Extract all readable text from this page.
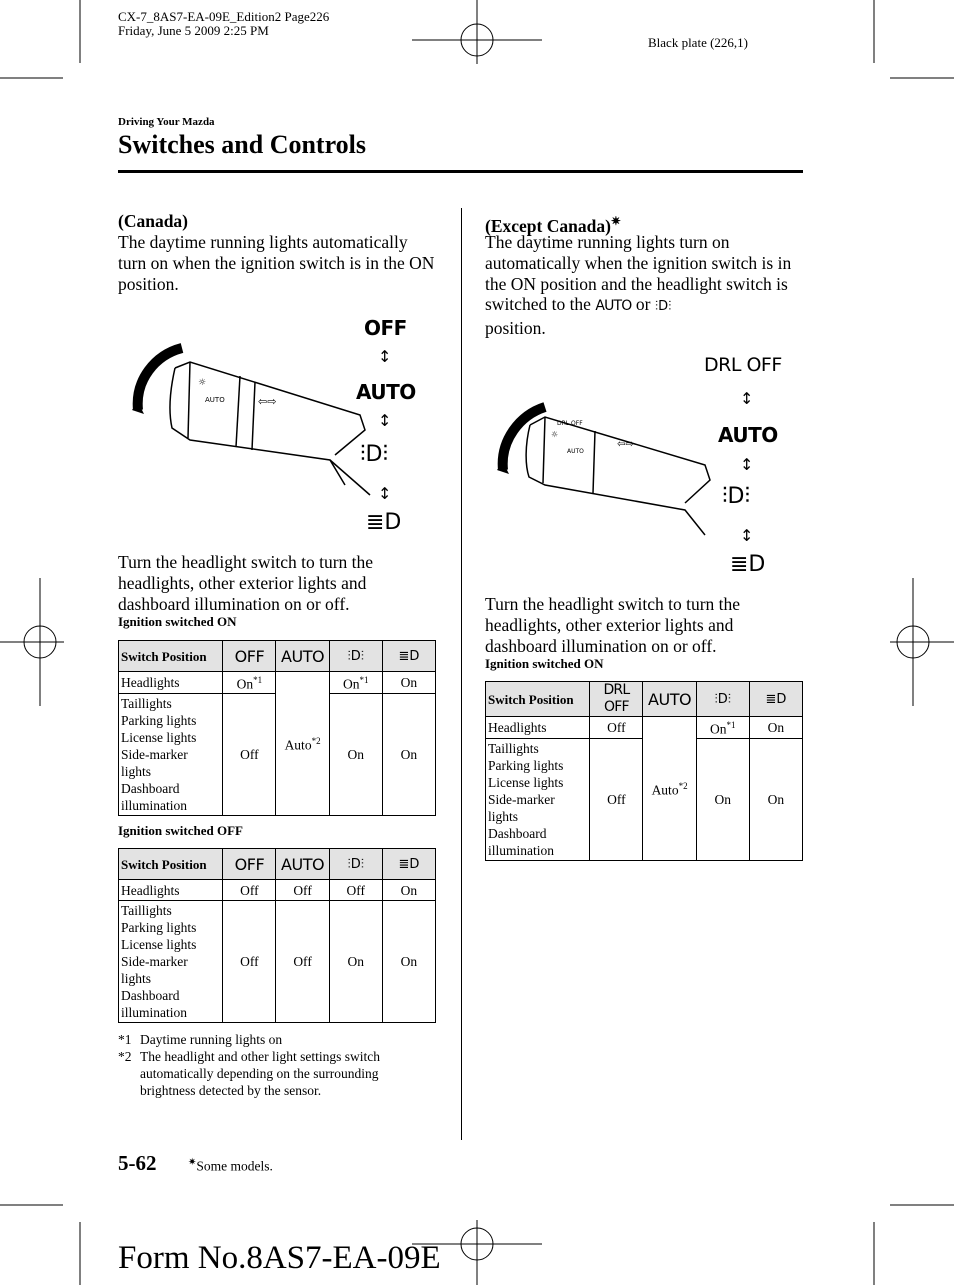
CX-7_8AS7-EA-09E_Edition2 Page226
Friday, June 5 2009 2:25 PM
Black plate (226,1)
Driving Your Mazda
Switches and Controls
(Canada)
The daytime running lights automatically turn on when the ignition switch is in the ON position.
☼
AUTO	⇦⇨
OFF
↕
AUTO
↕
⫶D⫶
↕
≣D
Turn the headlight switch to turn the headlights, other exterior lights and dashboard illumination on or off.
Ignition switched ON
Switch Position	OFF	AUTO	⫶D⫶	≣D
Headlights	On$^{*1}$	Auto$^{*2}$	On$^{*1}$	On
Taillights
Parking lights
License lights
Side-marker lights
Dashboard illumination	Off		On	On
Ignition switched OFF
Switch Position	OFF	AUTO	⫶D⫶	≣D
Headlights	Off	Off	Off	On
Taillights
Parking lights
License lights
Side-marker lights
Dashboard illumination	Off	Off	On	On
*1 Daytime running lights on
*2 The headlight and other light settings switch automatically depending on the surrounding brightness detected by the sensor.
(Except Canada)✷
The daytime running lights turn on automatically when the ignition switch is in the ON position and the headlight switch is switched to the AUTO or ⫶D⫶
position.
☼
DRL OFF
AUTO
⇦⇨
DRL OFF
↕
AUTO
↕
⫶D⫶
↕
≣D
Turn the headlight switch to turn the headlights, other exterior lights and dashboard illumination on or off.
Ignition switched ON
Switch Position	DRL OFF	AUTO	⫶D⫶	≣D
Headlights	Off	Auto$^{*2}$	On$^{*1}$	On
Taillights
Parking lights
License lights
Side-marker lights
Dashboard illumination	Off		On	On
5-62	✷Some models.
Form No.8AS7-EA-09E
